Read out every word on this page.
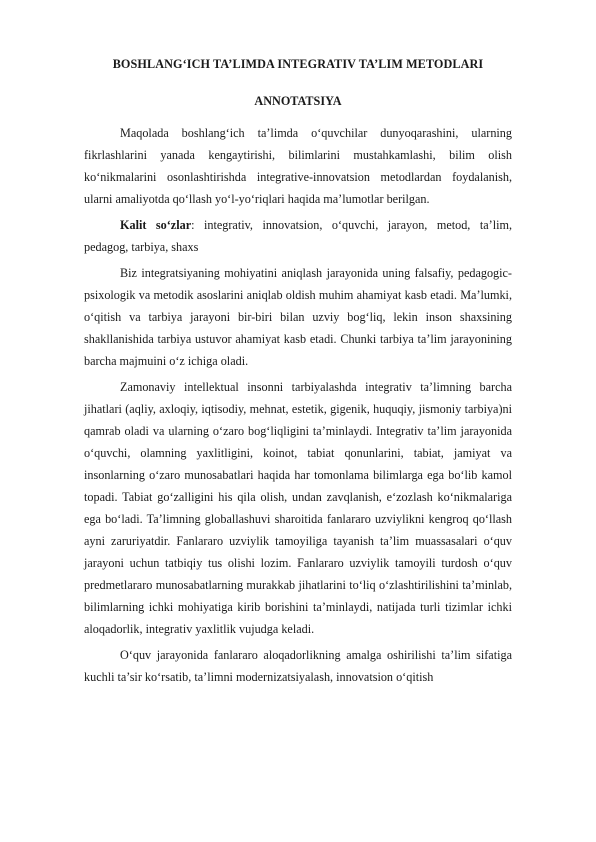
BOSHLANG‘ICH TA’LIMDA INTEGRATIV TA’LIM METODLARI
ANNOTATSIYA

Maqolada boshlang‘ich ta’limda o‘quvchilar dunyoqarashini, ularning fikrlashlarini yanada kengaytirishi, bilimlarini mustahkamlashi, bilim olish ko‘nikmalarini osonlashtirishda integrative-innovatsion metodlardan foydalanish, ularni amaliyotda qo‘llash yo‘l-yo‘riqlari haqida ma’lumotlar berilgan.

Kalit so‘zlar: integrativ, innovatsion, o‘quvchi, jarayon, metod, ta’lim, pedagog, tarbiya, shaxs

Biz integratsiyaning mohiyatini aniqlash jarayonida uning falsafiy, pedagogic-psixologik va metodik asoslarini aniqlab oldish muhim ahamiyat kasb etadi. Ma’lumki, o‘qitish va tarbiya jarayoni bir-biri bilan uzviy bog‘liq, lekin inson shaxsining shakllanishida tarbiya ustuvor ahamiyat kasb etadi. Chunki tarbiya ta’lim jarayonining barcha majmuini o‘z ichiga oladi.

Zamonaviy intellektual insonni tarbiyalashda integrativ ta’limning barcha jihatlari (aqliy, axloqiy, iqtisodiy, mehnat, estetik, gigenik, huquqiy, jismoniy tarbiya)ni qamrab oladi va ularning o‘zaro bog‘liqligini ta’minlaydi. Integrativ ta’lim jarayonida o‘quvchi, olamning yaxlitligini, koinot, tabiat qonunlarini, tabiat, jamiyat va insonlarning o‘zaro munosabatlari haqida har tomonlama bilimlarga ega bo‘lib kamol topadi. Tabiat go‘zalligini his qila olish, undan zavqlanish, e‘zozlash ko‘nikmalariga ega bo‘ladi. Ta’limning globallashuvi sharoitida fanlararo uzviylikni kengroq qo‘llash ayni zaruriyatdir. Fanlararo uzviylik tamoyiliga tayanish ta’lim muassasalari o‘quv jarayoni uchun tatbiqiy tus olishi lozim. Fanlararo uzviylik tamoyili turdosh o‘quv predmetlararo munosabatlarning murakkab jihatlarini to‘liq o‘zlashtirilishini ta’minlab, bilimlarning ichki mohiyatiga kirib borishini ta’minlaydi, natijada turli tizimlar ichki aloqadorlik, integrativ yaxlitlik vujudga keladi.

O‘quv jarayonida fanlararo aloqadorlikning amalga oshirilishi ta’lim sifatiga kuchli ta’sir ko‘rsatib, ta’limni modernizatsiyalash, innovatsion o‘qitish
